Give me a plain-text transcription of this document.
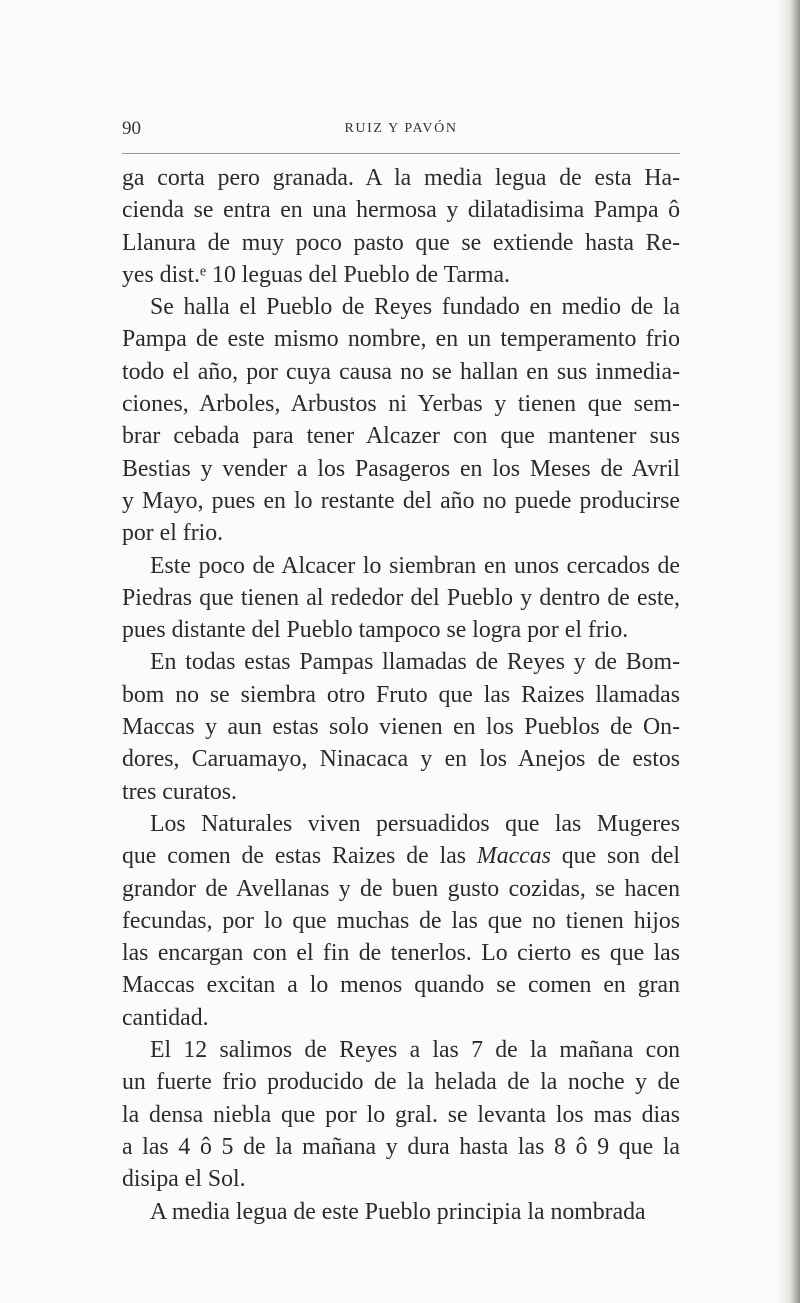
90	RUIZ Y PAVÓN
ga corta pero granada. A la media legua de esta Ha-
cienda se entra en una hermosa y dilatadisima Pampa ô
Llanura de muy poco pasto que se extiende hasta Re-
yes dist.ᵉ 10 leguas del Pueblo de Tarma.
Se halla el Pueblo de Reyes fundado en medio de la
Pampa de este mismo nombre, en un temperamento frio
todo el año, por cuya causa no se hallan en sus inmedia-
ciones, Arboles, Arbustos ni Yerbas y tienen que sem-
brar cebada para tener Alcazer con que mantener sus
Bestias y vender a los Pasageros en los Meses de Avril
y Mayo, pues en lo restante del año no puede producirse
por el frio.
Este poco de Alcacer lo siembran en unos cercados de
Piedras que tienen al rededor del Pueblo y dentro de este,
pues distante del Pueblo tampoco se logra por el frio.
En todas estas Pampas llamadas de Reyes y de Bom-
bom no se siembra otro Fruto que las Raizes llamadas
Maccas y aun estas solo vienen en los Pueblos de On-
dores, Caruamayo, Ninacaca y en los Anejos de estos
tres curatos.
Los Naturales viven persuadidos que las Mugeres
que comen de estas Raizes de las Maccas que son del
grandor de Avellanas y de buen gusto cozidas, se hacen
fecundas, por lo que muchas de las que no tienen hijos
las encargan con el fin de tenerlos. Lo cierto es que las
Maccas excitan a lo menos quando se comen en gran
cantidad.
El 12 salimos de Reyes a las 7 de la mañana con
un fuerte frio producido de la helada de la noche y de
la densa niebla que por lo gral. se levanta los mas dias
a las 4 ô 5 de la mañana y dura hasta las 8 ô 9 que la
disipa el Sol.
A media legua de este Pueblo principia la nombrada
